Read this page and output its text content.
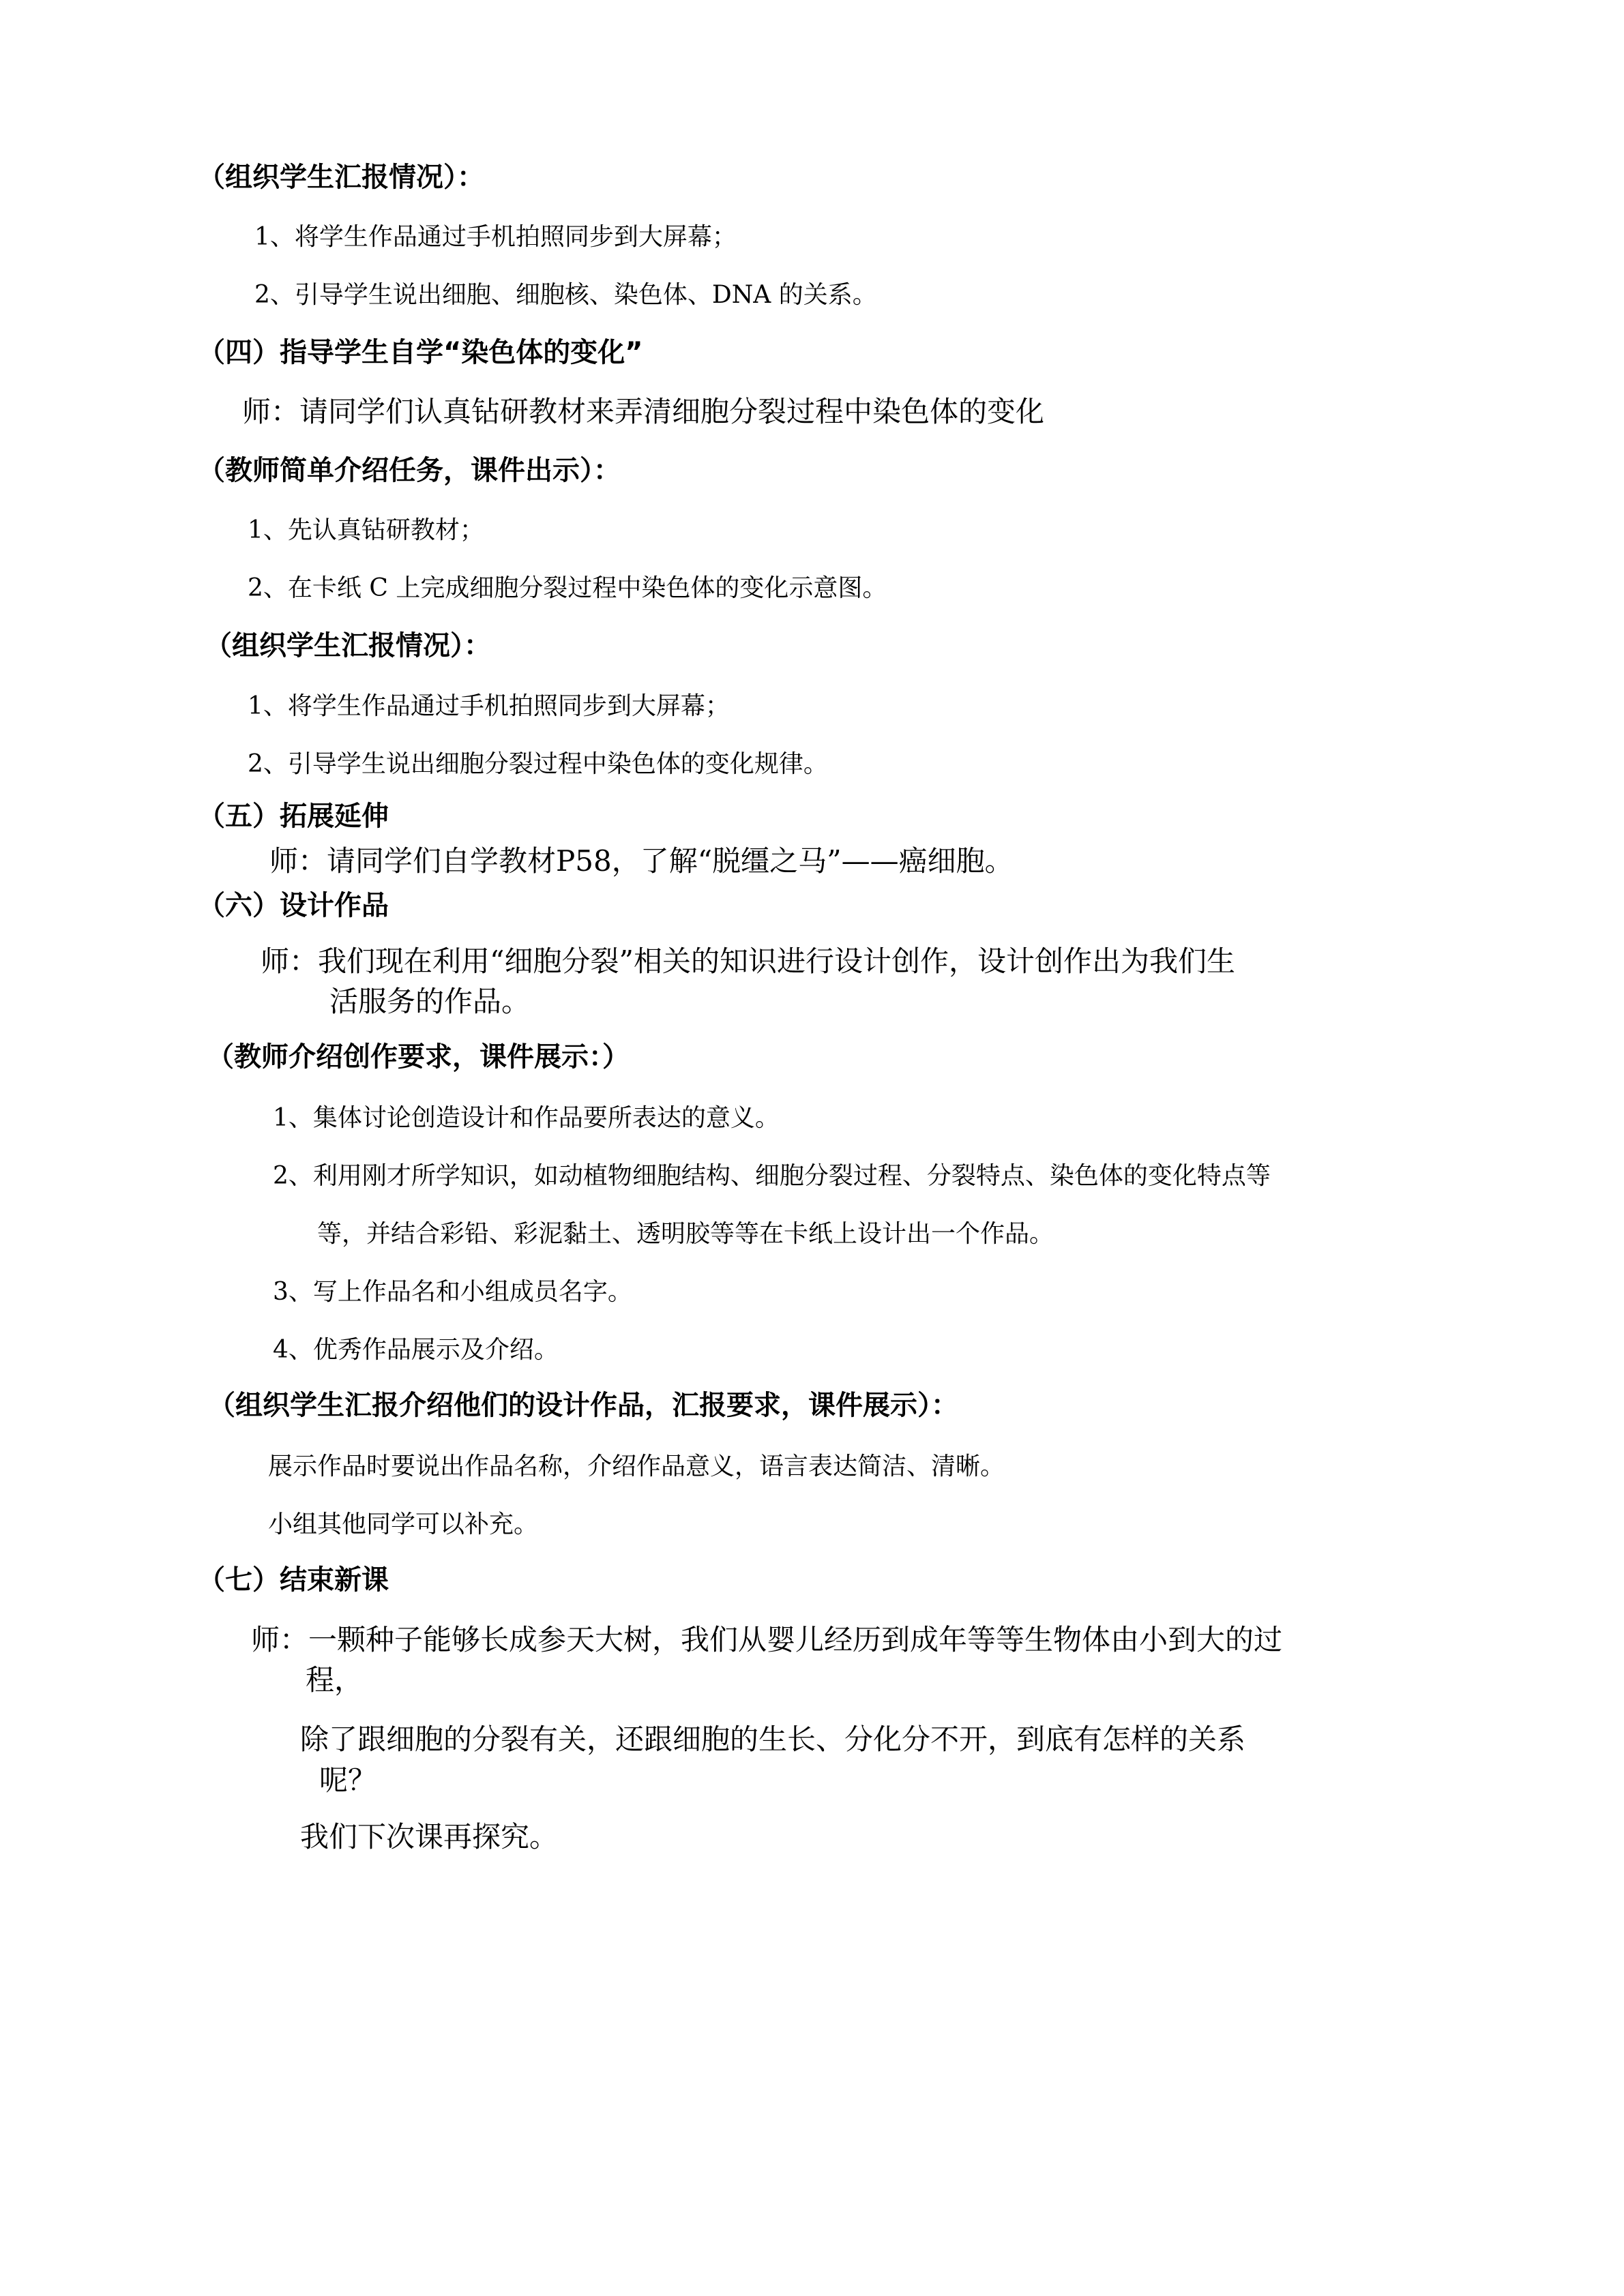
（组织学生汇报情况）：
1、将学生作品通过手机拍照同步到大屏幕；
2、引导学生说出细胞、细胞核、染色体、DNA 的关系。
（四）指导学生自学“染色体的变化”
师：请同学们认真钻研教材来弄清细胞分裂过程中染色体的变化
（教师简单介绍任务，课件出示）：
1、先认真钻研教材；
2、在卡纸 C 上完成细胞分裂过程中染色体的变化示意图。
（组织学生汇报情况）：
1、将学生作品通过手机拍照同步到大屏幕；
2、引导学生说出细胞分裂过程中染色体的变化规律。
（五）拓展延伸
师：请同学们自学教材P58，了解“脱缰之马”——癌细胞。
（六）设计作品
师：我们现在利用“细胞分裂”相关的知识进行设计创作，设计创作出为我们生
活服务的作品。
（教师介绍创作要求，课件展示：）
1、集体讨论创造设计和作品要所表达的意义。
2、利用刚才所学知识，如动植物细胞结构、细胞分裂过程、分裂特点、染色体的变化特点等
等，并结合彩铅、彩泥黏土、透明胶等等在卡纸上设计出一个作品。
3、写上作品名和小组成员名字。
4、优秀作品展示及介绍。
（组织学生汇报介绍他们的设计作品，汇报要求，课件展示）：
展示作品时要说出作品名称，介绍作品意义，语言表达简洁、清晰。
小组其他同学可以补充。
（七）结束新课
师：一颗种子能够长成参天大树，我们从婴儿经历到成年等等生物体由小到大的过
程，
除了跟细胞的分裂有关，还跟细胞的生长、分化分不开，到底有怎样的关系
呢？
我们下次课再探究。
